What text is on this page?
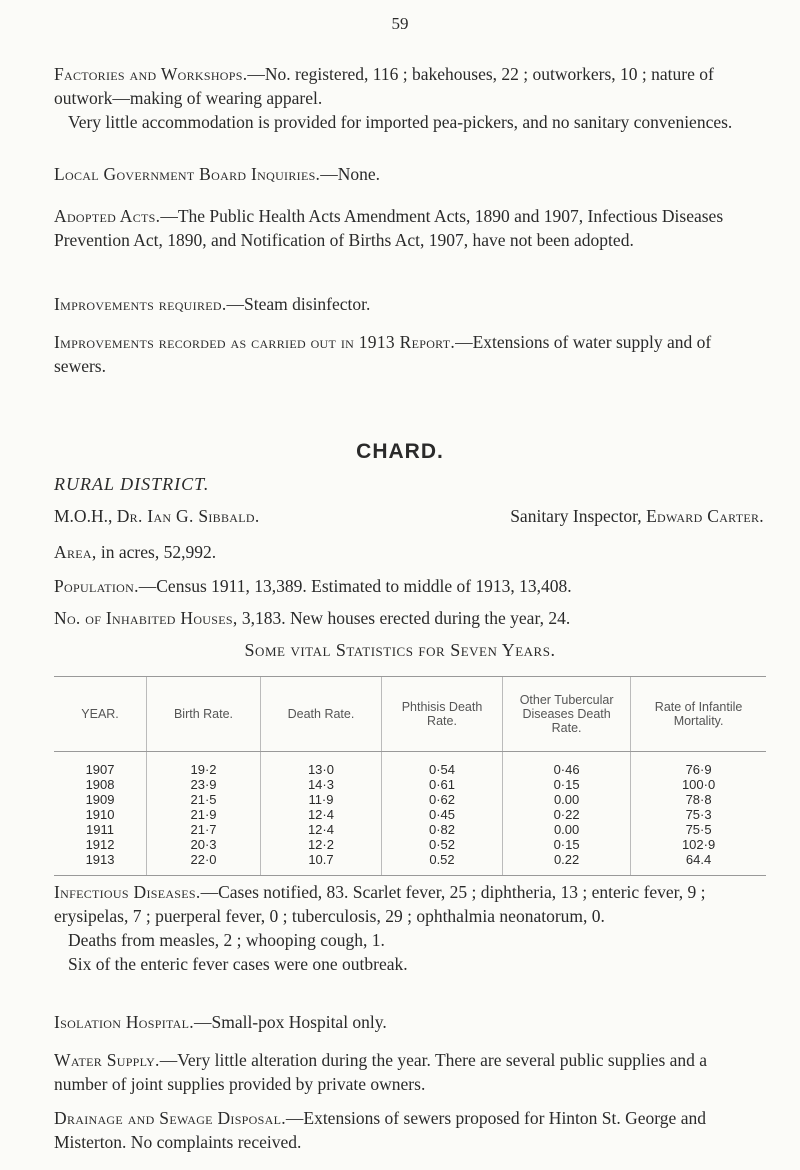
59

Factories and Workshops.—No. registered, 116 ; bakehouses, 22 ; outworkers, 10 ; nature of outwork—making of wearing apparel.
Very little accommodation is provided for imported pea-pickers, and no sanitary conveniences.

Local Government Board Inquiries.—None.

Adopted Acts.—The Public Health Acts Amendment Acts, 1890 and 1907, Infectious Diseases Prevention Act, 1890, and Notification of Births Act, 1907, have not been adopted.

Improvements required.—Steam disinfector.

Improvements recorded as carried out in 1913 Report.—Extensions of water supply and of sewers.

CHARD.
RURAL DISTRICT.
M.O.H., Dr. Ian G. Sibbald.	Sanitary Inspector, Edward Carter.
Area, in acres, 52,992.
Population.—Census 1911, 13,389. Estimated to middle of 1913, 13,408.
No. of Inhabited Houses, 3,183. New houses erected during the year, 24.
Some vital Statistics for Seven Years.
YEAR.	Birth Rate.	Death Rate.	Phthisis Death Rate.	Other Tubercular Diseases Death Rate.	Rate of Infantile Mortality.
1907	19·2	13·0	0·54	0·46	76·9
1908	23·9	14·3	0·61	0·15	100·0
1909	21·5	11·9	0·62	0.00	78·8
1910	21·9	12·4	0·45	0·22	75·3
1911	21·7	12·4	0·82	0.00	75·5
1912	20·3	12·2	0·52	0·15	102·9
1913	22·0	10.7	0.52	0.22	64.4

Infectious Diseases.—Cases notified, 83. Scarlet fever, 25 ; diphtheria, 13 ; enteric fever, 9 ; erysipelas, 7 ; puerperal fever, 0 ; tuberculosis, 29 ; ophthalmia neonatorum, 0.
Deaths from measles, 2 ; whooping cough, 1.
Six of the enteric fever cases were one outbreak.

Isolation Hospital.—Small-pox Hospital only.

Water Supply.—Very little alteration during the year. There are several public supplies and a number of joint supplies provided by private owners.

Drainage and Sewage Disposal.—Extensions of sewers proposed for Hinton St. George and Misterton. No complaints received.
